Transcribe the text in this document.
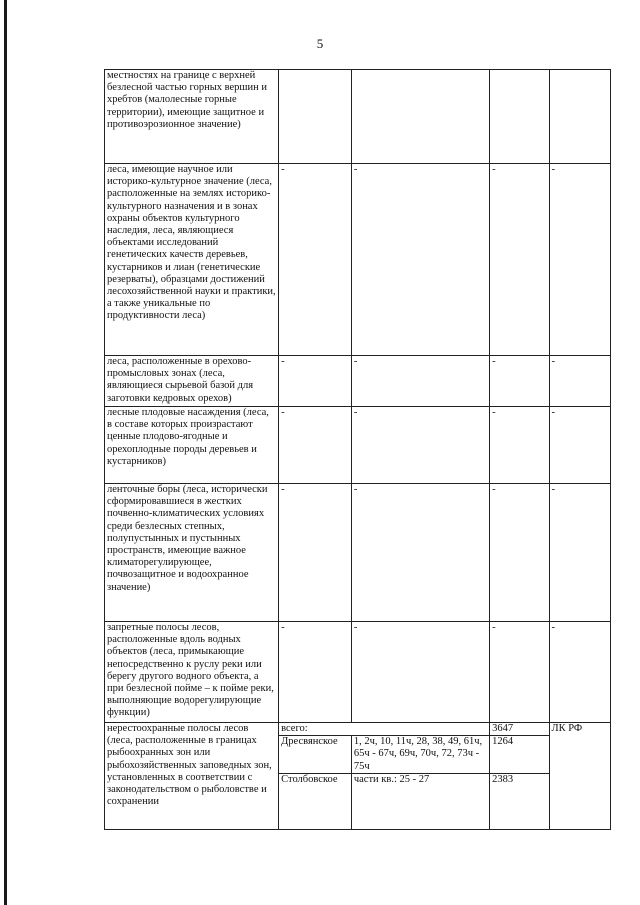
5
местностях на границе с верхней безлесной частью горных вершин и хребтов (малолесные горные территории), имеющие защитное и противоэрозионное значение)				
леса, имеющие научное или историко-культурное значение (леса, расположенные на землях историко-культурного назначения и в зонах охраны объектов культурного наследия, леса, являющиеся объектами исследований генетических качеств деревьев, кустарников и лиан (генетические резерваты), образцами достижений лесохозяйственной науки и практики, а также уникальные по продуктивности леса)	-	-	-	-
леса, расположенные в орехово-промысловых зонах (леса, являющиеся сырьевой базой для заготовки кедровых орехов)	-	-	-	-
лесные плодовые насаждения (леса, в составе которых произрастают ценные плодово-ягодные и орехоплодные породы деревьев и кустарников)	-	-	-	-
ленточные боры (леса, исторически сформировавшиеся в жестких почвенно-климатических условиях среди безлесных степных, полупустынных и пустынных пространств, имеющие важное климаторегулирующее, почвозащитное и водоохранное значение)	-	-	-	-
запретные полосы лесов, расположенные вдоль водных объектов (леса, примыкающие непосредственно к руслу реки или берегу другого водного объекта, а при безлесной пойме – к пойме реки, выполняющие водорегулирующие функции)	-	-	-	-
нерестоохранные полосы лесов (леса, расположенные в границах рыбоохранных зон или рыбохозяйственных заповедных зон, установленных в соответствии с законодательством о рыболовстве и сохранении	всего:		3647	ЛК РФ
	Дресвянское	1, 2ч, 10, 11ч, 28, 38, 49, 61ч, 65ч - 67ч, 69ч, 70ч, 72, 73ч - 75ч	1264	
	Столбовское	части кв.: 25 - 27	2383	
